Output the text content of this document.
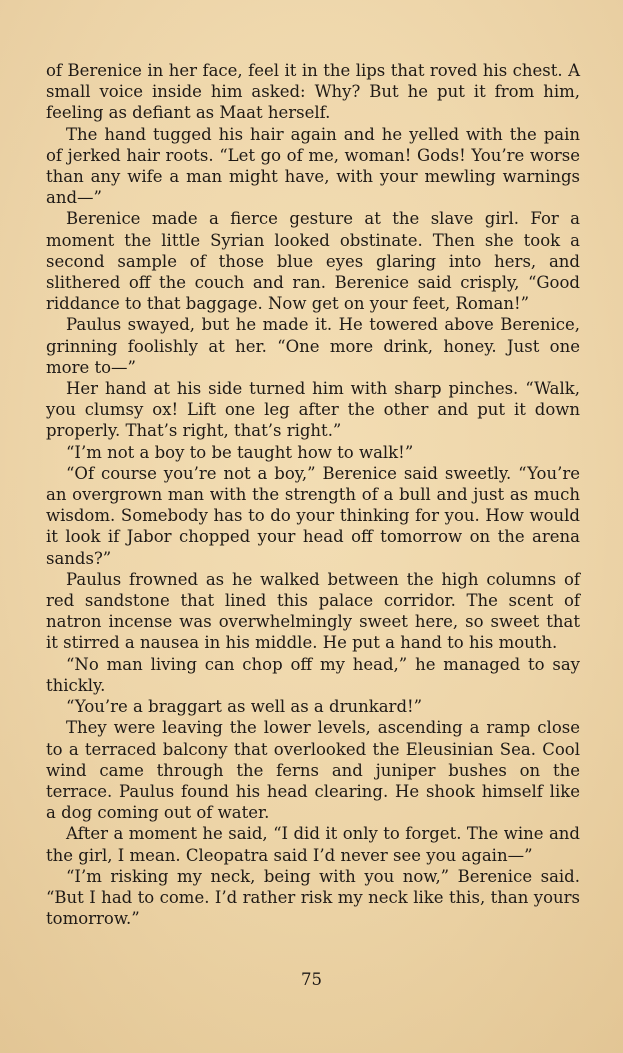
of Berenice in her face, feel it in the lips that roved his chest. A small voice inside him asked: Why? But he put it from him, feeling as defiant as Maat herself.

The hand tugged his hair again and he yelled with the pain of jerked hair roots. “Let go of me, woman! Gods! You’re worse than any wife a man might have, with your mewling warnings and—”

Berenice made a fierce gesture at the slave girl. For a moment the little Syrian looked obstinate. Then she took a second sample of those blue eyes glaring into hers, and slithered off the couch and ran. Berenice said crisply, “Good riddance to that baggage. Now get on your feet, Roman!”

Paulus swayed, but he made it. He towered above Berenice, grinning foolishly at her. “One more drink, honey. Just one more to—”

Her hand at his side turned him with sharp pinches. “Walk, you clumsy ox! Lift one leg after the other and put it down properly. That’s right, that’s right.”

“I’m not a boy to be taught how to walk!”

“Of course you’re not a boy,” Berenice said sweetly. “You’re an overgrown man with the strength of a bull and just as much wisdom. Somebody has to do your thinking for you. How would it look if Jabor chopped your head off tomorrow on the arena sands?”

Paulus frowned as he walked between the high columns of red sandstone that lined this palace corridor. The scent of natron incense was overwhelmingly sweet here, so sweet that it stirred a nausea in his middle. He put a hand to his mouth.

“No man living can chop off my head,” he managed to say thickly.

“You’re a braggart as well as a drunkard!”

They were leaving the lower levels, ascending a ramp close to a terraced balcony that overlooked the Eleusinian Sea. Cool wind came through the ferns and juniper bushes on the terrace. Paulus found his head clearing. He shook himself like a dog coming out of water.

After a moment he said, “I did it only to forget. The wine and the girl, I mean. Cleopatra said I’d never see you again—”

“I’m risking my neck, being with you now,” Berenice said. “But I had to come. I’d rather risk my neck like this, than yours tomorrow.”

75
